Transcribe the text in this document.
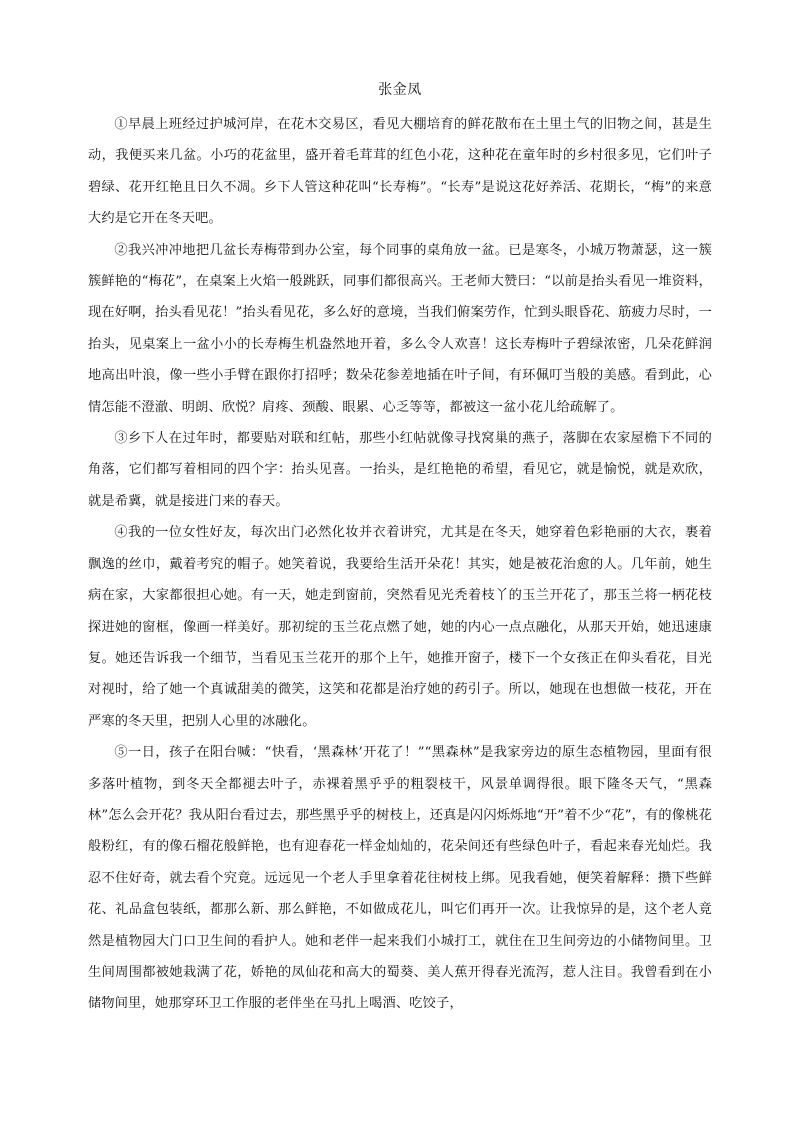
张金凤

①早晨上班经过护城河岸，在花木交易区，看见大棚培育的鲜花散布在土里土气的旧物之间，甚是生动，我便买来几盆。小巧的花盆里，盛开着毛茸茸的红色小花，这种花在童年时的乡村很多见，它们叶子碧绿、花开红艳且日久不凋。乡下人管这种花叫“长寿梅”。“长寿”是说这花好养活、花期长，“梅”的来意大约是它开在冬天吧。

②我兴冲冲地把几盆长寿梅带到办公室，每个同事的桌角放一盆。已是寒冬，小城万物萧瑟，这一簇簇鲜艳的“梅花”，在桌案上火焰一般跳跃，同事们都很高兴。王老师大赞曰：“以前是抬头看见一堆资料，现在好啊，抬头看见花！”抬头看见花，多么好的意境，当我们俯案劳作，忙到头眼昏花、筋疲力尽时，一抬头，见桌案上一盆小小的长寿梅生机盎然地开着，多么令人欢喜！这长寿梅叶子碧绿浓密，几朵花鲜润地高出叶浪，像一些小手臂在跟你打招呼；数朵花参差地插在叶子间，有环佩叮当般的美感。看到此，心情怎能不澄澈、明朗、欣悦？肩疼、颈酸、眼累、心乏等等，都被这一盆小花儿给疏解了。

③乡下人在过年时，都要贴对联和红帖，那些小红帖就像寻找窝巢的燕子，落脚在农家屋檐下不同的角落，它们都写着相同的四个字：抬头见喜。一抬头，是红艳艳的希望，看见它，就是愉悦，就是欢欣，就是希冀，就是接进门来的春天。

④我的一位女性好友，每次出门必然化妆并衣着讲究，尤其是在冬天，她穿着色彩艳丽的大衣，裹着飘逸的丝巾，戴着考究的帽子。她笑着说，我要给生活开朵花！其实，她是被花治愈的人。几年前，她生病在家，大家都很担心她。有一天，她走到窗前，突然看见光秃着枝丫的玉兰开花了，那玉兰将一柄花枝探进她的窗框，像画一样美好。那初绽的玉兰花点燃了她，她的内心一点点融化，从那天开始，她迅速康复。她还告诉我一个细节，当看见玉兰花开的那个上午，她推开窗子，楼下一个女孩正在仰头看花，目光对视时，给了她一个真诚甜美的微笑，这笑和花都是治疗她的药引子。所以，她现在也想做一枝花，开在严寒的冬天里，把别人心里的冰融化。

⑤一日，孩子在阳台喊：“快看，‘黑森林’开花了！”“黑森林”是我家旁边的原生态植物园，里面有很多落叶植物，到冬天全都褪去叶子，赤裸着黑乎乎的粗裂枝干，风景单调得很。眼下隆冬天气，“黑森林”怎么会开花？我从阳台看过去，那些黑乎乎的树枝上，还真是闪闪烁烁地“开”着不少“花”，有的像桃花般粉红，有的像石榴花般鲜艳，也有迎春花一样金灿灿的，花朵间还有些绿色叶子，看起来春光灿烂。我忍不住好奇，就去看个究竟。远远见一个老人手里拿着花往树枝上绑。见我看她，便笑着解释：攒下些鲜花、礼品盒包装纸，都那么新、那么鲜艳，不如做成花儿，叫它们再开一次。让我惊异的是，这个老人竟然是植物园大门口卫生间的看护人。她和老伴一起来我们小城打工，就住在卫生间旁边的小储物间里。卫生间周围都被她栽满了花，娇艳的凤仙花和高大的蜀葵、美人蕉开得春光流泻，惹人注目。我曾看到在小储物间里，她那穿环卫工作服的老伴坐在马扎上喝酒、吃饺子，
